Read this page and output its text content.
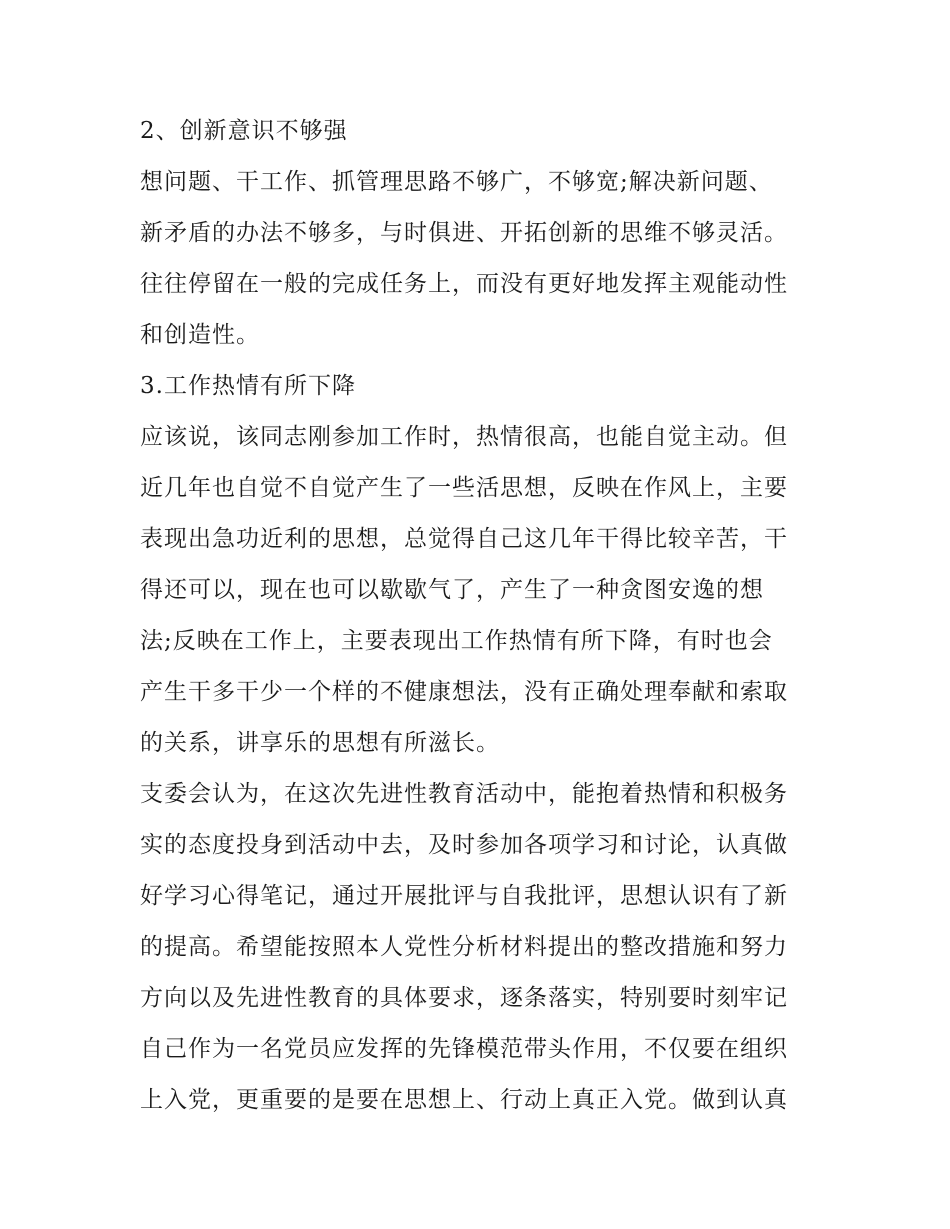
2、创新意识不够强
想问题、干工作、抓管理思路不够广，不够宽;解决新问题、
新矛盾的办法不够多，与时俱进、开拓创新的思维不够灵活。
往往停留在一般的完成任务上，而没有更好地发挥主观能动性
和创造性。
3.工作热情有所下降
应该说，该同志刚参加工作时，热情很高，也能自觉主动。但
近几年也自觉不自觉产生了一些活思想，反映在作风上，主要
表现出急功近利的思想，总觉得自己这几年干得比较辛苦，干
得还可以，现在也可以歇歇气了，产生了一种贪图安逸的想
法;反映在工作上，主要表现出工作热情有所下降，有时也会
产生干多干少一个样的不健康想法，没有正确处理奉献和索取
的关系，讲享乐的思想有所滋长。
支委会认为，在这次先进性教育活动中，能抱着热情和积极务
实的态度投身到活动中去，及时参加各项学习和讨论，认真做
好学习心得笔记，通过开展批评与自我批评，思想认识有了新
的提高。希望能按照本人党性分析材料提出的整改措施和努力
方向以及先进性教育的具体要求，逐条落实，特别要时刻牢记
自己作为一名党员应发挥的先锋模范带头作用，不仅要在组织
上入党，更重要的是要在思想上、行动上真正入党。做到认真
